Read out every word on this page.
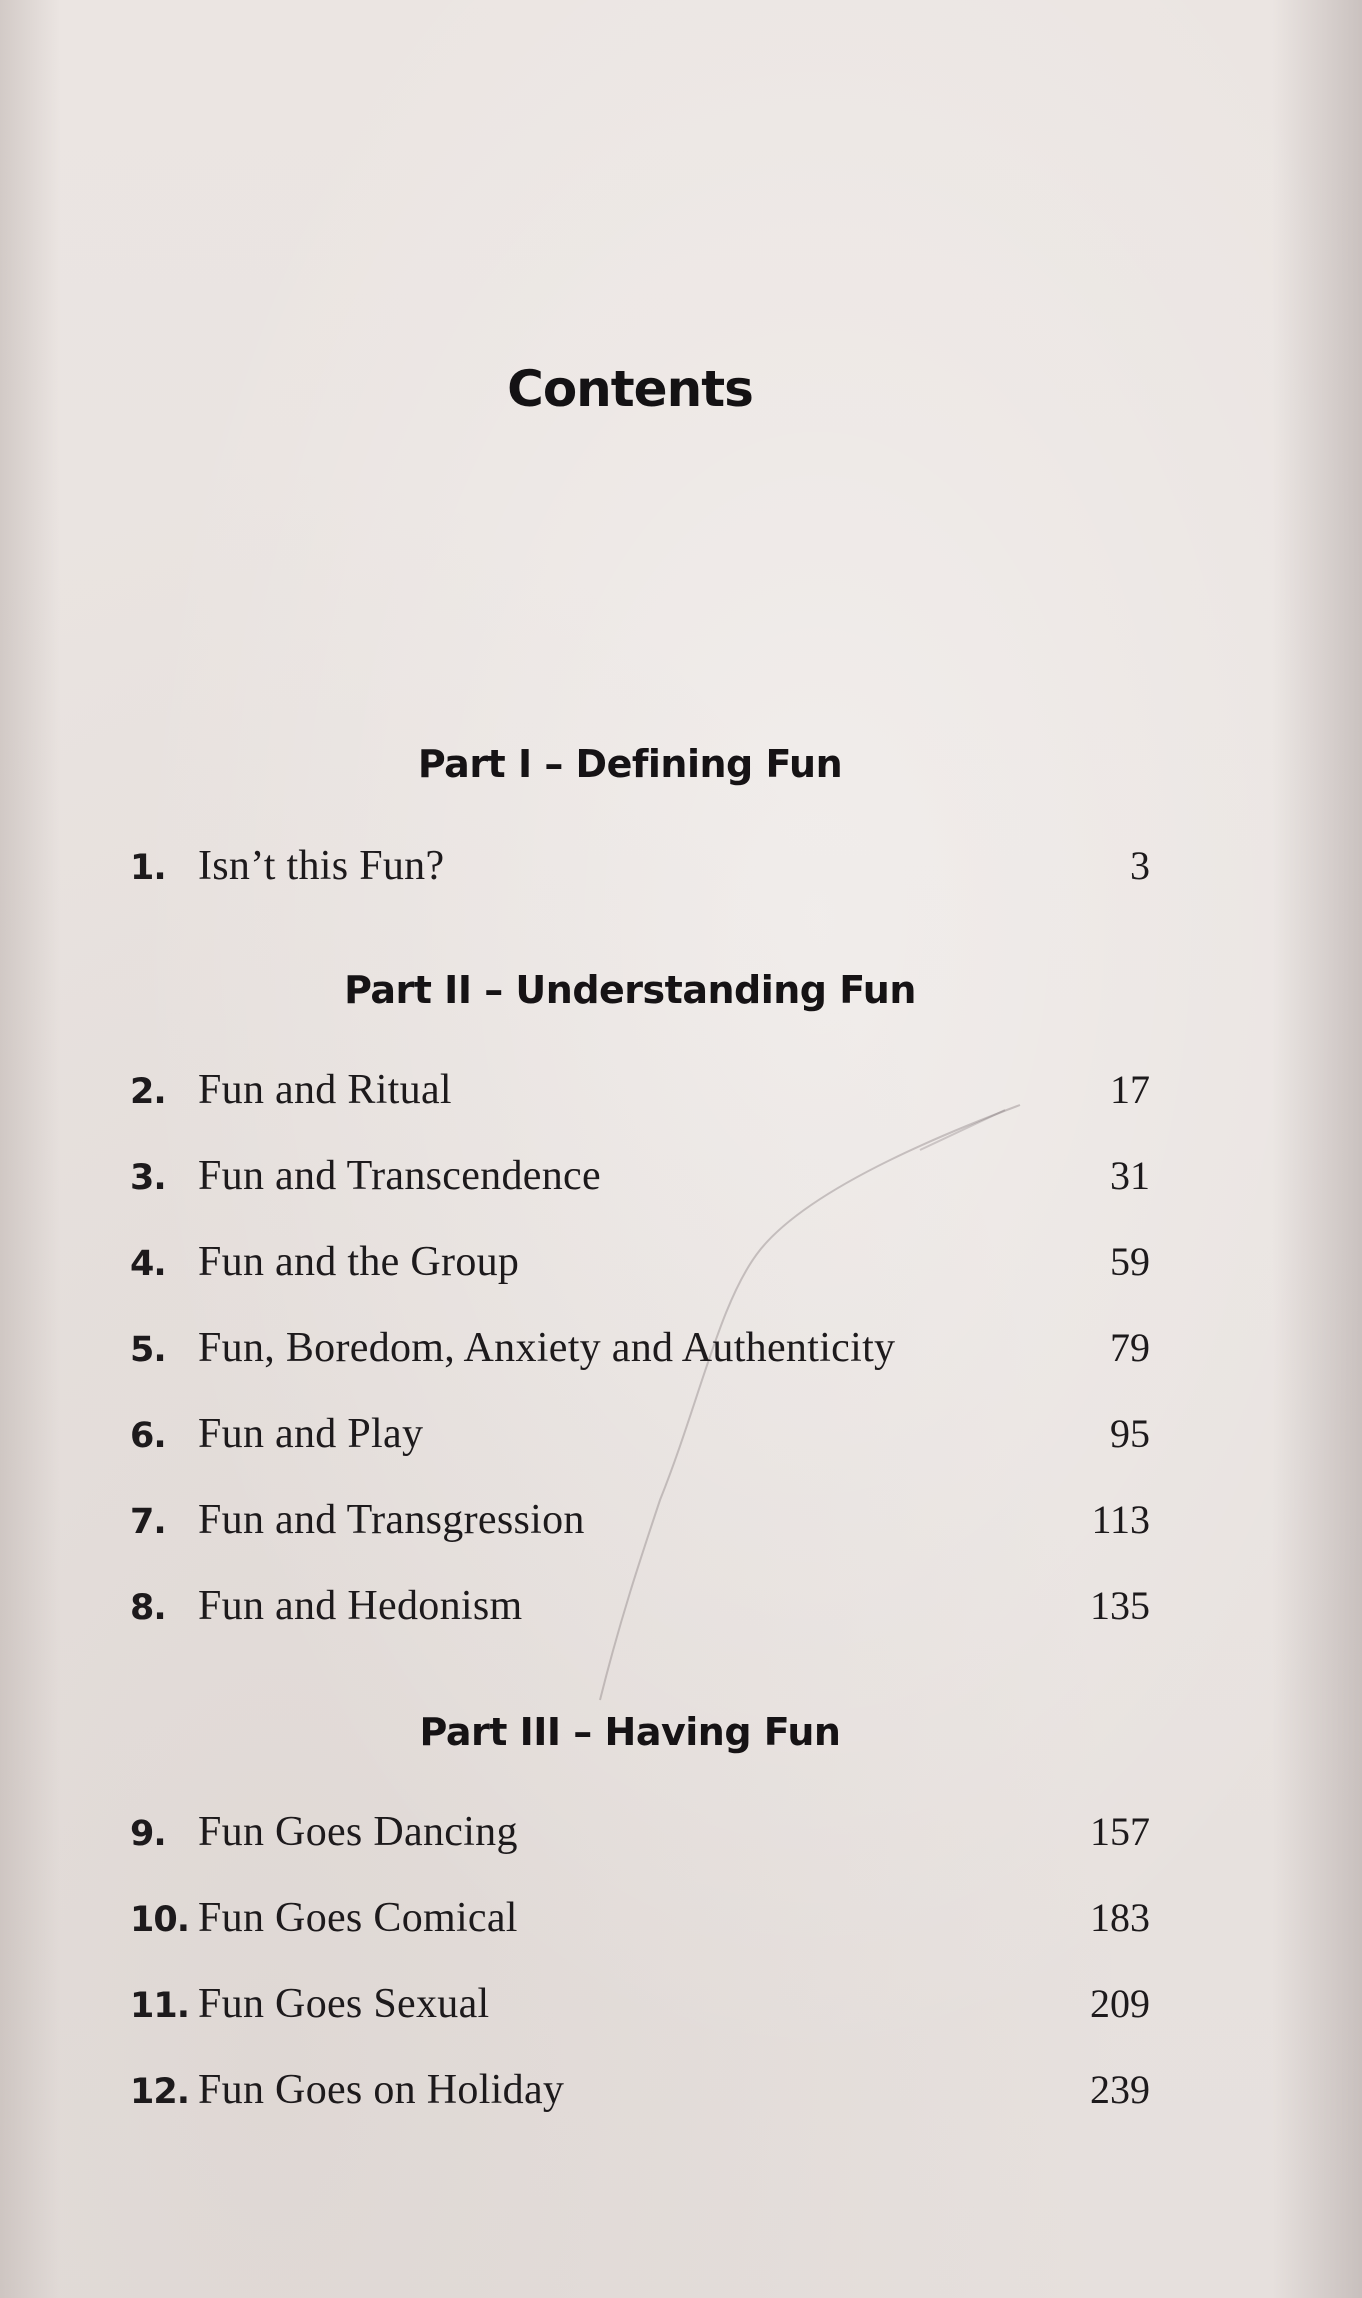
Contents
Part I – Defining Fun
1. Isn’t this Fun?	3
Part II – Understanding Fun
2. Fun and Ritual	17
3. Fun and Transcendence	31
4. Fun and the Group	59
5. Fun, Boredom, Anxiety and Authenticity	79
6. Fun and Play	95
7. Fun and Transgression	113
8. Fun and Hedonism	135
Part III – Having Fun
9. Fun Goes Dancing	157
10. Fun Goes Comical	183
11. Fun Goes Sexual	209
12. Fun Goes on Holiday	239
